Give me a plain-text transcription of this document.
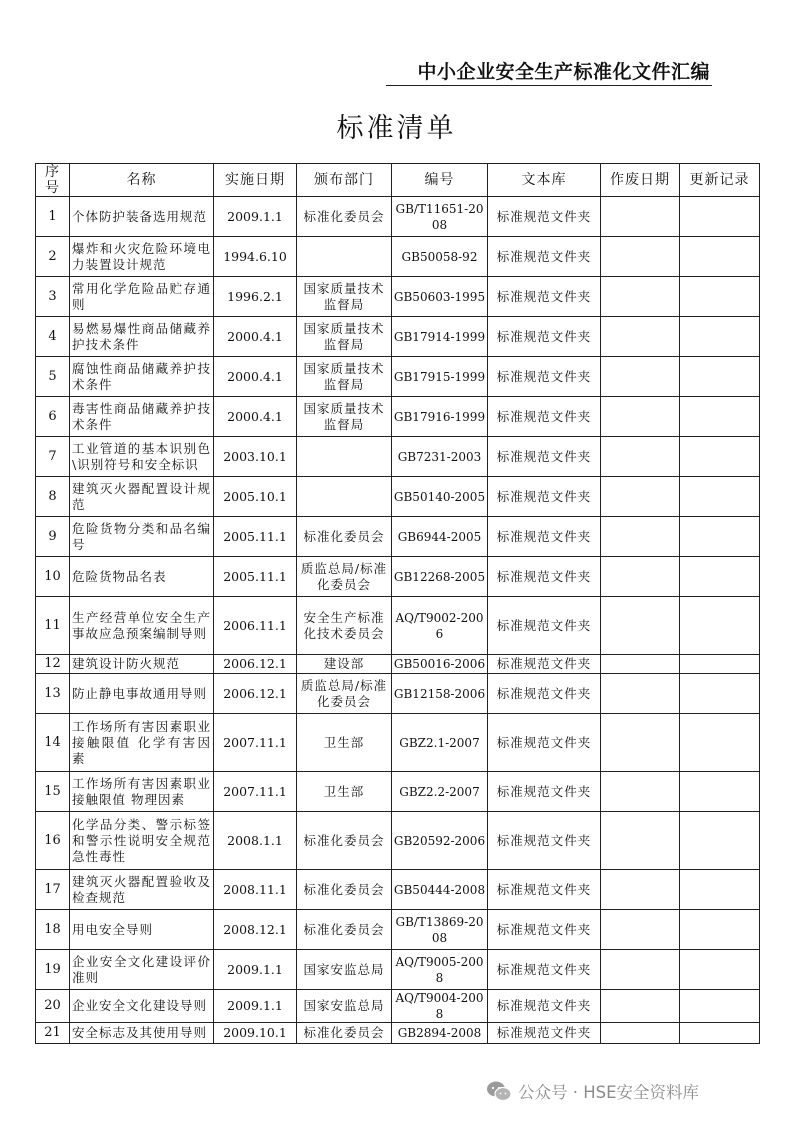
中小企业安全生产标准化文件汇编
标准清单
序号	名称	实施日期	颁布部门	编号	文本库	作废日期	更新记录
1	个体防护装备选用规范	2009.1.1	标准化委员会	GB/T11651-2008	标准规范文件夹		
2	爆炸和火灾危险环境电力装置设计规范	1994.6.10		GB50058-92	标准规范文件夹		
3	常用化学危险品贮存通则	1996.2.1	国家质量技术监督局	GB50603-1995	标准规范文件夹		
4	易燃易爆性商品储藏养护技术条件	2000.4.1	国家质量技术监督局	GB17914-1999	标准规范文件夹		
5	腐蚀性商品储藏养护技术条件	2000.4.1	国家质量技术监督局	GB17915-1999	标准规范文件夹		
6	毒害性商品储藏养护技术条件	2000.4.1	国家质量技术监督局	GB17916-1999	标准规范文件夹		
7	工业管道的基本识别色\识别符号和安全标识	2003.10.1		GB7231-2003	标准规范文件夹		
8	建筑灭火器配置设计规范	2005.10.1		GB50140-2005	标准规范文件夹		
9	危险货物分类和品名编号	2005.11.1	标准化委员会	GB6944-2005	标准规范文件夹		
10	危险货物品名表	2005.11.1	质监总局/标准化委员会	GB12268-2005	标准规范文件夹		
11	生产经营单位安全生产事故应急预案编制导则	2006.11.1	安全生产标准化技术委员会	AQ/T9002-2006	标准规范文件夹		
12	建筑设计防火规范	2006.12.1	建设部	GB50016-2006	标准规范文件夹		
13	防止静电事故通用导则	2006.12.1	质监总局/标准化委员会	GB12158-2006	标准规范文件夹		
14	工作场所有害因素职业接触限值 化学有害因素	2007.11.1	卫生部	GBZ2.1-2007	标准规范文件夹		
15	工作场所有害因素职业接触限值 物理因素	2007.11.1	卫生部	GBZ2.2-2007	标准规范文件夹		
16	化学品分类、警示标签和警示性说明安全规范急性毒性	2008.1.1	标准化委员会	GB20592-2006	标准规范文件夹		
17	建筑灭火器配置验收及检查规范	2008.11.1	标准化委员会	GB50444-2008	标准规范文件夹		
18	用电安全导则	2008.12.1	标准化委员会	GB/T13869-2008	标准规范文件夹		
19	企业安全文化建设评价准则	2009.1.1	国家安监总局	AQ/T9005-2008	标准规范文件夹		
20	企业安全文化建设导则	2009.1.1	国家安监总局	AQ/T9004-2008	标准规范文件夹		
21	安全标志及其使用导则	2009.10.1	标准化委员会	GB2894-2008	标准规范文件夹		
公众号 · HSE安全资料库
